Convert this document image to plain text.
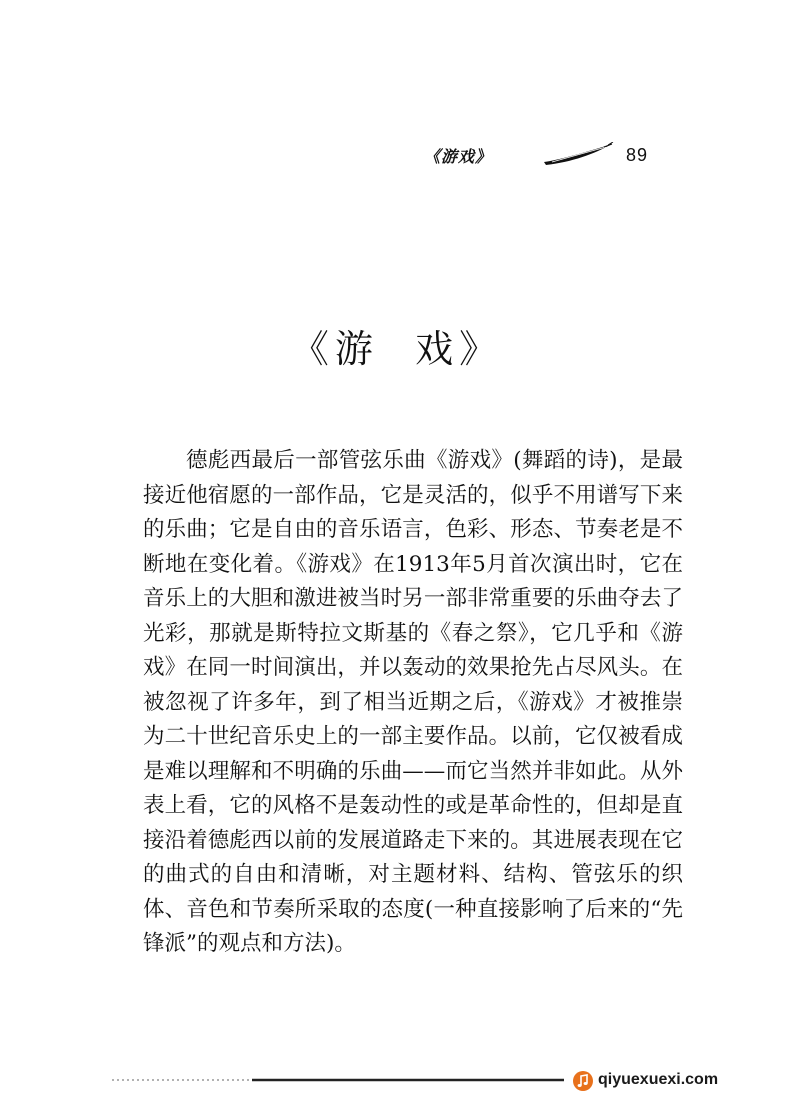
《游戏》	89
《游  戏》

德彪西最后一部管弦乐曲《游戏》(舞蹈的诗)，是最接近他宿愿的一部作品，它是灵活的，似乎不用谱写下来的乐曲；它是自由的音乐语言，色彩、形态、节奏老是不断地在变化着。《游戏》在1913年5月首次演出时，它在音乐上的大胆和激进被当时另一部非常重要的乐曲夺去了光彩，那就是斯特拉文斯基的《春之祭》，它几乎和《游戏》在同一时间演出，并以轰动的效果抢先占尽风头。在被忽视了许多年，到了相当近期之后，《游戏》才被推崇为二十世纪音乐史上的一部主要作品。以前，它仅被看成是难以理解和不明确的乐曲——而它当然并非如此。从外表上看，它的风格不是轰动性的或是革命性的，但却是直接沿着德彪西以前的发展道路走下来的。其进展表现在它的曲式的自由和清晰，对主题材料、结构、管弦乐的织体、音色和节奏所采取的态度(一种直接影响了后来的“先锋派”的观点和方法)。

qiyuexuexi.com
